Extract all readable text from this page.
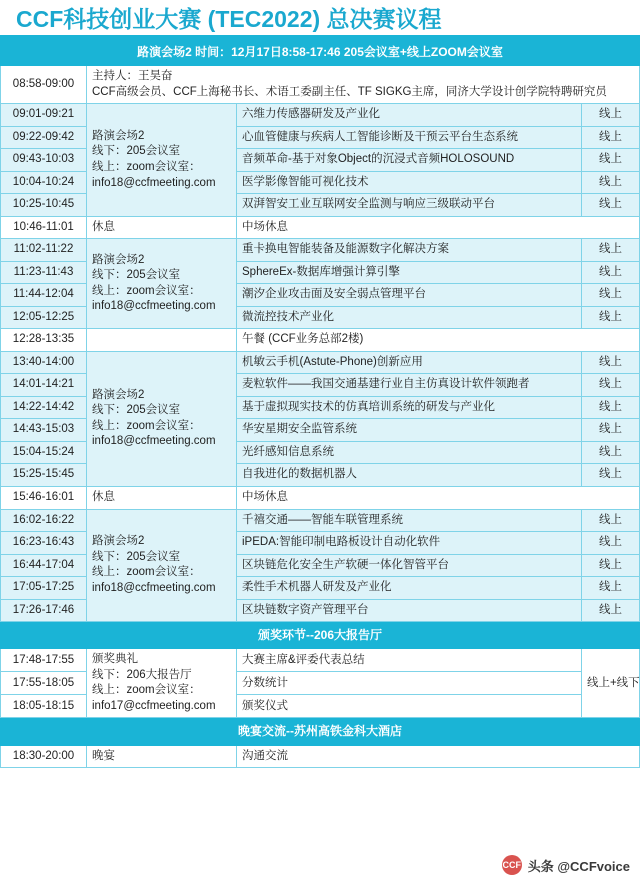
CCF科技创业大赛 (TEC2022) 总决赛议程
路演会场2 时间：12月17日8:58-17:46 205会议室+线上ZOOM会议室			
08:58-09:00	主持人：王昊奋
CCF高级会员、CCF上海秘书长、术语工委副主任、TF SIGKG主席，同济大学设计创学院特聘研究员		

09:01-09:21	路演会场2
线下：205会议室
线上：zoom会议室：
info18@ccfmeeting.com	六维力传感器研发及产业化	线上
09:22-09:42		心血管健康与疾病人工智能诊断及干预云平台生态系统	线上
09:43-10:03		音频革命-基于对象Object的沉浸式音频HOLOSOUND	线上
10:04-10:24		医学影像智能可视化技术	线上
10:25-10:45		双湃智安工业互联网安全监测与响应三级联动平台	线上
10:46-11:01	休息	中场休息	
11:02-11:22	路演会场2
线下：205会议室
线上：zoom会议室：
info18@ccfmeeting.com	重卡换电智能装备及能源数字化解决方案	线上
11:23-11:43		SphereEx-数据库增强计算引擎	线上
11:44-12:04		潮汐企业攻击面及安全弱点管理平台	线上
12:05-12:25		微流控技术产业化	线上
12:28-13:35		午餐 (CCF业务总部2楼)	
13:40-14:00	路演会场2
线下：205会议室
线上：zoom会议室：
info18@ccfmeeting.com	机敏云手机(Astute-Phone)创新应用	线上
14:01-14:21		麦粒软件——我国交通基建行业自主仿真设计软件领跑者	线上
14:22-14:42		基于虚拟现实技术的仿真培训系统的研发与产业化	线上
14:43-15:03		华安星期安全监管系统	线上
15:04-15:24		光纤感知信息系统	线上
15:25-15:45		自我进化的数据机器人	线上
15:46-16:01	休息	中场休息	
16:02-16:22	路演会场2
线下：205会议室
线上：zoom会议室：
info18@ccfmeeting.com	千禧交通——智能车联管理系统	线上
16:23-16:43		iPEDA:智能印制电路板设计自动化软件	线上
16:44-17:04		区块链危化安全生产软硬一体化智管平台	线上
17:05-17:25		柔性手术机器人研发及产业化	线上
17:26-17:46		区块链数字资产管理平台	线上
颁奖环节--206大报告厅			
17:48-17:55	颁奖典礼
线下：206大报告厅
线上：zoom会议室：
info17@ccfmeeting.com	大赛主席&评委代表总结	线上+线下
17:55-18:05		分数统计	
18:05-18:15		颁奖仪式	
晚宴交流--苏州高铁金科大酒店			
18:30-20:00	晚宴	沟通交流	
CCF 头条 @CCFvoice
